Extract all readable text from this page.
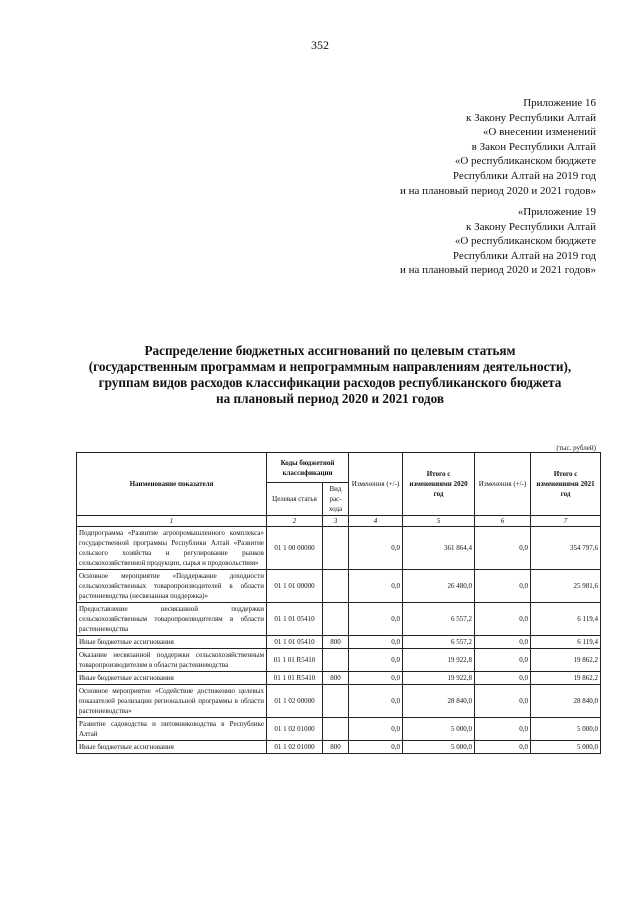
352
Приложение 16
к Закону Республики Алтай
«О внесении изменений
в Закон Республики Алтай
«О республиканском бюджете
Республики Алтай на 2019 год
и на плановый период 2020 и 2021 годов»
«Приложение 19
к Закону Республики Алтай
«О республиканском бюджете
Республики Алтай на 2019 год
и на плановый период 2020 и 2021 годов»
Распределение бюджетных ассигнований по целевым статьям
(государственным программам и непрограммным направлениям деятельности),
группам видов расходов классификации расходов республиканского бюджета
на плановый период 2020 и 2021 годов
(тыс. рублей)
Наименование показателя	Коды бюджетной классификации		Изменения (+/-)	Итого с изменениями 2020 год	Изменения (+/-)	Итого с изменениями 2021 год
	Целевая статья	Вид рас-хода				
1	2	3	4	5	6	7
Подпрограмма «Развитие агропромышленного комплекса» государственной программы Республики Алтай «Развитие сельского хозяйства и регулирование рынков сельскохозяйственной продукции, сырья и продовольствия»	01 1 00 00000		0,0	361 864,4	0,0	354 797,6
Основное мероприятие «Поддержание доходности сельскохозяйственных товаропроизводителей в области растениеводства (несвязанная поддержка)»	01 1 01 00000		0,0	26 480,0	0,0	25 981,6
Предоставление несвязанной поддержки сельскохозяйственным товаропроизводителям в области растениеводства	01 1 01 05410		0,0	6 557,2	0,0	6 119,4
Иные бюджетные ассигнования	01 1 01 05410	800	0,0	6 557,2	0,0	6 119,4
Оказание несвязанной поддержки сельскохозяйственным товаропроизводителям в области растениеводства	01 1 01 R5410		0,0	19 922,8	0,0	19 862,2
Иные бюджетные ассигнования	01 1 01 R5410	800	0,0	19 922,8	0,0	19 862,2
Основное мероприятие «Содействие достижению целевых показателей реализации региональной программы в области растениеводства»	01 1 02 00000		0,0	28 840,0	0,0	28 840,0
Развитие садоводства и питомниководства в Республике Алтай	01 1 02 01000		0,0	5 000,0	0,0	5 000,0
Иные бюджетные ассигнования	01 1 02 01000	800	0,0	5 000,0	0,0	5 000,0
